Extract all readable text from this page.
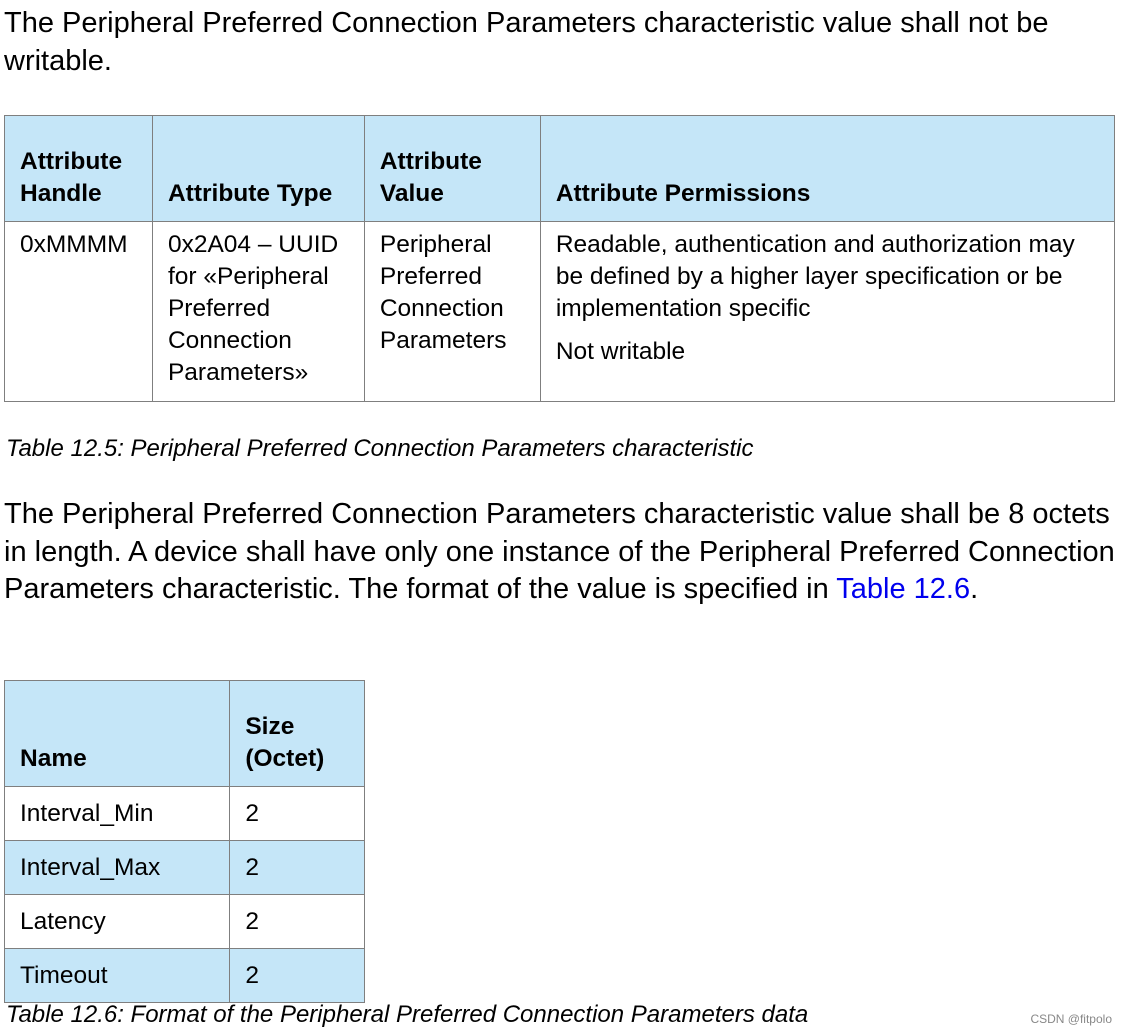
The Peripheral Preferred Connection Parameters characteristic value shall not be writable.

Attribute Handle	Attribute Type	Attribute Value	Attribute Permissions
0xMMMM	0x2A04 – UUID for «Peripheral Preferred Connection Parameters»	Peripheral Preferred Connection Parameters	Readable, authentication and authorization may be defined by a higher layer specification or be implementation specific
Not writable

Table 12.5: Peripheral Preferred Connection Parameters characteristic

The Peripheral Preferred Connection Parameters characteristic value shall be 8 octets in length. A device shall have only one instance of the Peripheral Preferred Connection Parameters characteristic. The format of the value is specified in Table 12.6.

Name	Size (Octet)
Interval_Min	2
Interval_Max	2
Latency	2
Timeout	2

Table 12.6: Format of the Peripheral Preferred Connection Parameters data	CSDN @fitpolo
